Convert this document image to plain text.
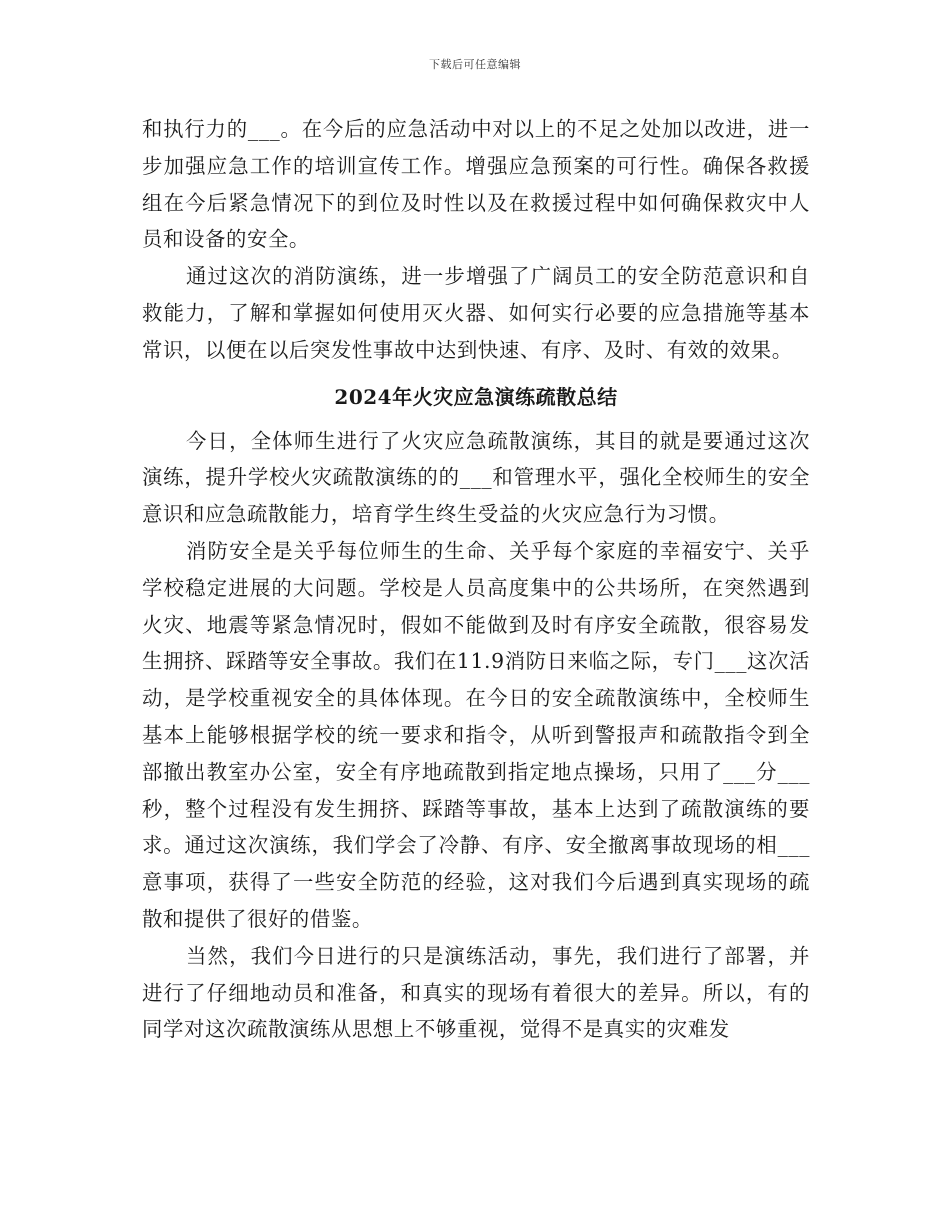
下载后可任意编辑

和执行力的___。在今后的应急活动中对以上的不足之处加以改进，进一步加强应急工作的培训宣传工作。增强应急预案的可行性。确保各救援组在今后紧急情况下的到位及时性以及在救援过程中如何确保救灾中人员和设备的安全。

通过这次的消防演练，进一步增强了广阔员工的安全防范意识和自救能力，了解和掌握如何使用灭火器、如何实行必要的应急措施等基本常识，以便在以后突发性事故中达到快速、有序、及时、有效的效果。

2024年火灾应急演练疏散总结

今日，全体师生进行了火灾应急疏散演练，其目的就是要通过这次演练，提升学校火灾疏散演练的的___和管理水平，强化全校师生的安全意识和应急疏散能力，培育学生终生受益的火灾应急行为习惯。

消防安全是关乎每位师生的生命、关乎每个家庭的幸福安宁、关乎学校稳定进展的大问题。学校是人员高度集中的公共场所，在突然遇到火灾、地震等紧急情况时，假如不能做到及时有序安全疏散，很容易发生拥挤、踩踏等安全事故。我们在11.9消防日来临之际，专门___这次活动，是学校重视安全的具体体现。在今日的安全疏散演练中，全校师生基本上能够根据学校的统一要求和指令，从听到警报声和疏散指令到全部撤出教室办公室，安全有序地疏散到指定地点操场，只用了___分___秒，整个过程没有发生拥挤、踩踏等事故，基本上达到了疏散演练的要求。通过这次演练，我们学会了冷静、有序、安全撤离事故现场的相___意事项，获得了一些安全防范的经验，这对我们今后遇到真实现场的疏散和提供了很好的借鉴。

当然，我们今日进行的只是演练活动，事先，我们进行了部署，并进行了仔细地动员和准备，和真实的现场有着很大的差异。所以，有的同学对这次疏散演练从思想上不够重视，觉得不是真实的灾难发
